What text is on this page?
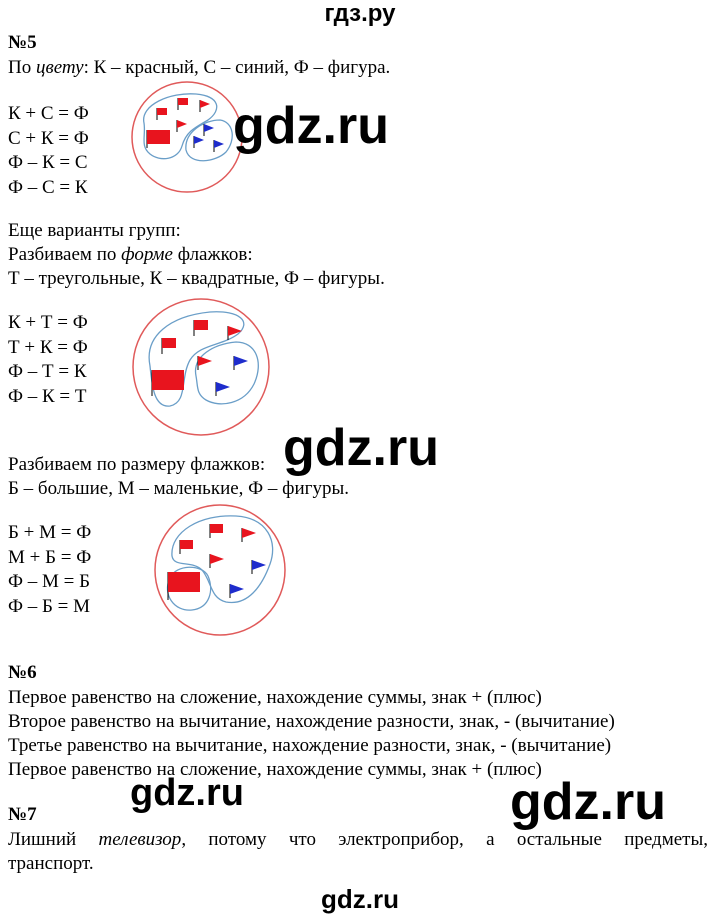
гдз.ру
№5
По цвету: К – красный, С – синий, Ф – фигура.
К + С = Ф
С + К = Ф
Ф – К = С
Ф – С = К
gdz.ru
Еще варианты групп:
Разбиваем по форме флажков:
Т – треугольные, К – квадратные, Ф – фигуры.
К + Т = Ф
Т + К = Ф
Ф – Т = К
Ф – К = Т
gdz.ru
Разбиваем по размеру флажков:
Б – большие, М – маленькие, Ф – фигуры.
Б + М = Ф
М + Б = Ф
Ф – М = Б
Ф – Б = М
№6
Первое равенство на сложение, нахождение суммы, знак + (плюс)
Второе равенство на вычитание, нахождение разности, знак, - (вычитание)
Третье равенство на вычитание, нахождение разности, знак, - (вычитание)
Первое равенство на сложение, нахождение суммы, знак + (плюс)
gdz.ru	gdz.ru
№7
Лишний телевизор, потому что электроприбор, а остальные предметы,
транспорт.
gdz.ru
